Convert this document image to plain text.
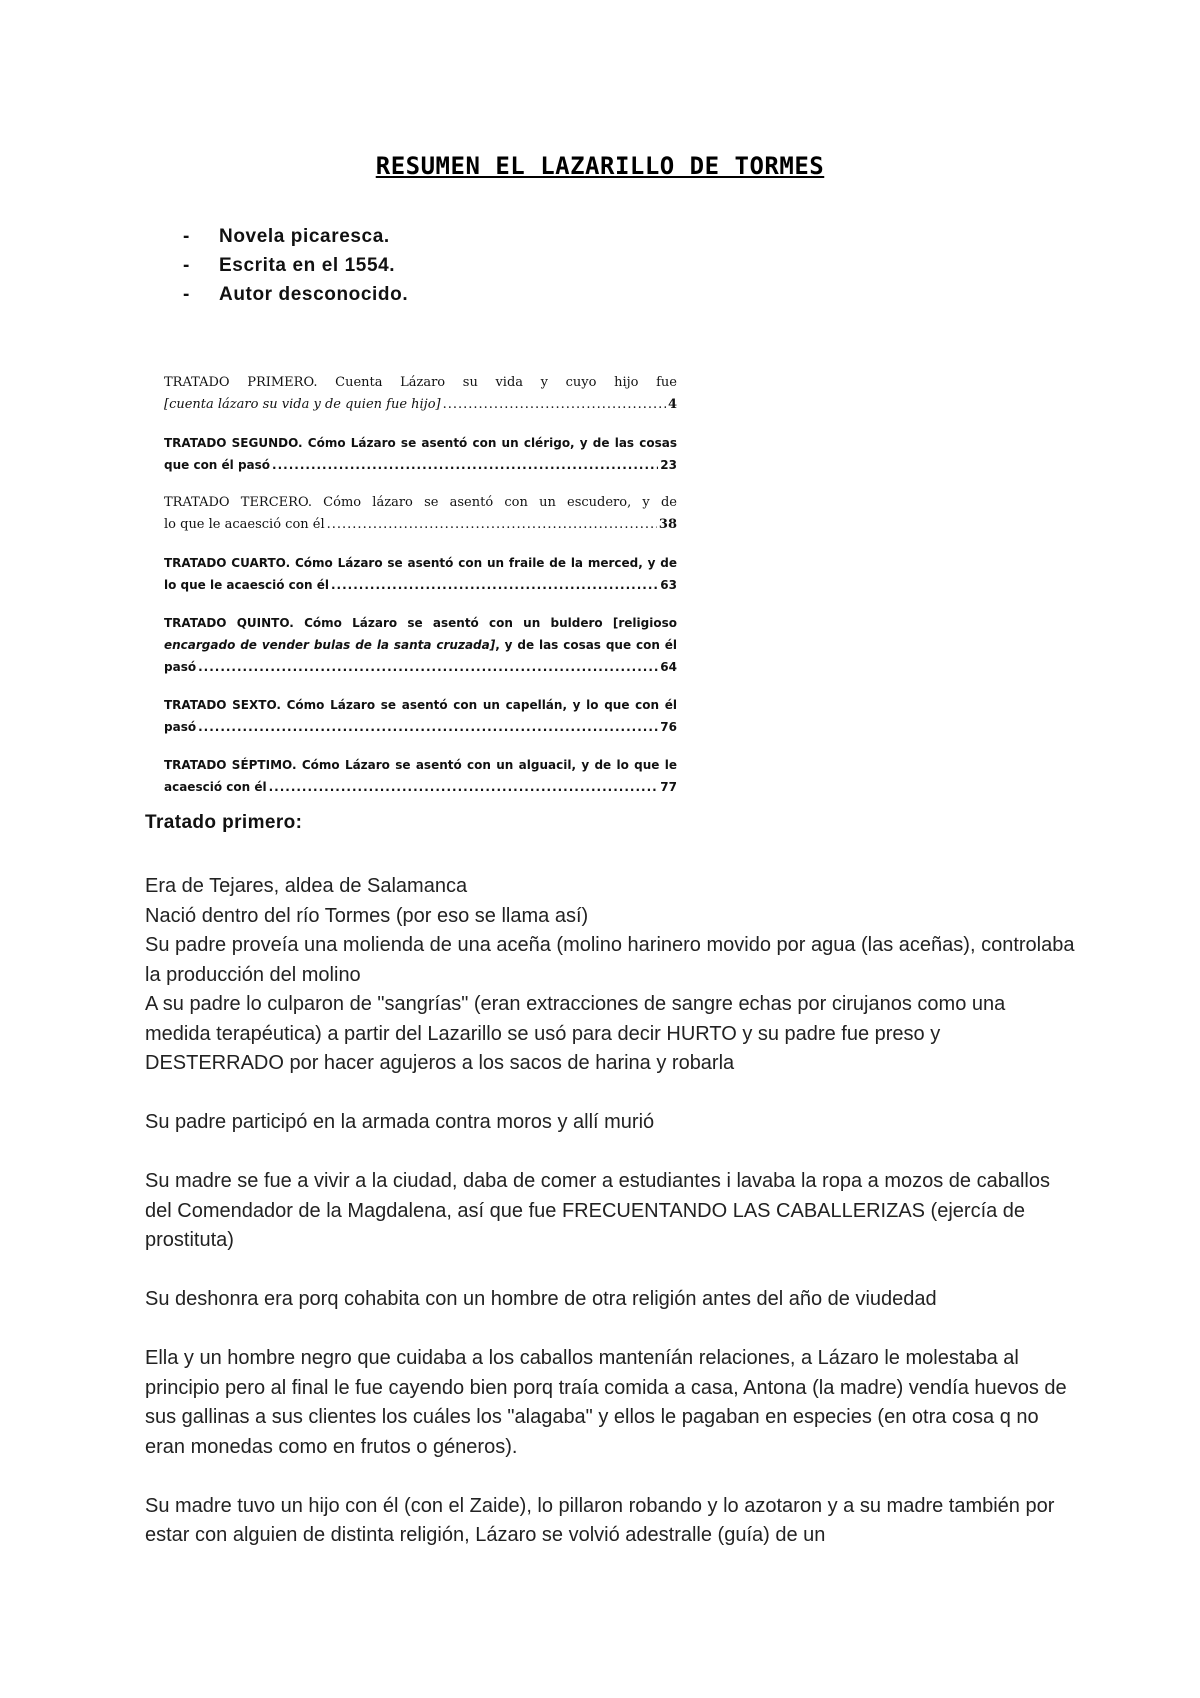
RESUMEN EL LAZARILLO DE TORMES
- Novela picaresca.
- Escrita en el 1554.
- Autor desconocido.
TRATADO PRIMERO. Cuenta Lázaro su vida y cuyo hijo fue
[cuenta lázaro su vida y de quien fue hijo] .....	4
TRATADO SEGUNDO. Cómo Lázaro se asentó con un clérigo, y de las cosas
que con él pasó .....	23
TRATADO TERCERO. Cómo lázaro se asentó con un escudero, y de
lo que le acaesció con él .....	38
TRATADO CUARTO. Cómo Lázaro se asentó con un fraile de la merced, y de
lo que le acaesció con él .....	63
TRATADO QUINTO. Cómo Lázaro se asentó con un buldero [religioso
encargado de vender bulas de la santa cruzada], y de las cosas que con él
pasó .....	64
TRATADO SEXTO. Cómo Lázaro se asentó con un capellán, y lo que con él
pasó .....	76
TRATADO SÉPTIMO. Cómo Lázaro se asentó con un alguacil, y de lo que le
acaesció con él .....	77
Tratado primero:
Era de Tejares, aldea de Salamanca
Nació dentro del río Tormes (por eso se llama así)
Su padre proveía una molienda de una aceña (molino harinero movido por agua (las aceñas), controlaba la producción del molino

A su padre lo culparon de "sangrías" (eran extracciones de sangre echas por cirujanos como una medida terapéutica) a partir del Lazarillo se usó para decir HURTO y su padre fue preso y DESTERRADO por hacer agujeros a los sacos de harina y robarla

Su padre participó en la armada contra moros y allí murió

Su madre se fue a vivir a la ciudad, daba de comer a estudiantes i lavaba la ropa a mozos de caballos del Comendador de la Magdalena, así que fue FRECUENTANDO LAS CABALLERIZAS (ejercía de prostituta)

Su deshonra era porq cohabita con un hombre de otra religión antes del año de viudedad

Ella y un hombre negro que cuidaba a los caballos manteníán relaciones, a Lázaro le molestaba al principio pero al final le fue cayendo bien porq traía comida a casa, Antona (la madre) vendía huevos de sus gallinas a sus clientes los cuáles los "alagaba" y ellos le pagaban en especies (en otra cosa q no eran monedas como en frutos o géneros).

Su madre tuvo un hijo con él (con el Zaide), lo pillaron robando y lo azotaron y a su madre también por estar con alguien de distinta religión, Lázaro se volvió adestralle (guía) de un
